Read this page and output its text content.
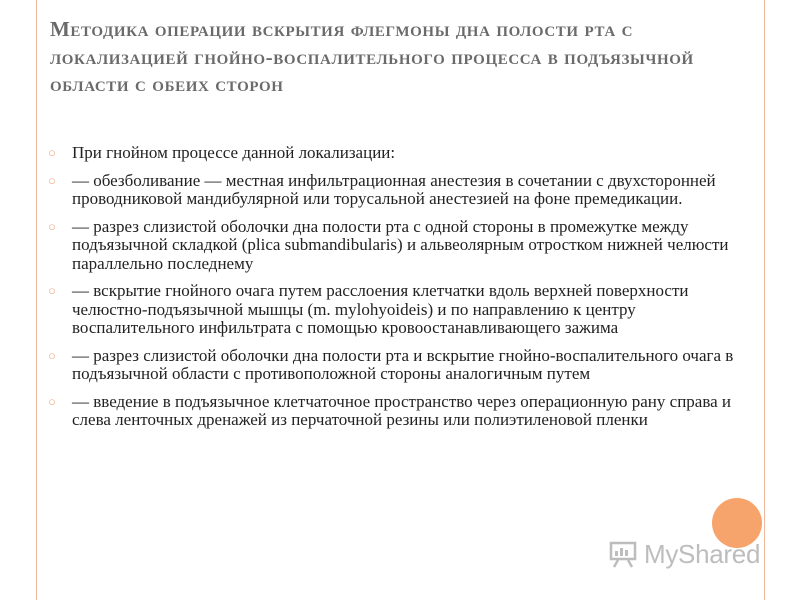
Методика операции вскрытия флегмоны дна полости рта с локализацией гнойно-воспалительного процесса в подъязычной области с обеих сторон
○ При гнойном процессе данной локализации:
○ — обезболивание — местная инфильтрационная анестезия в сочетании с двухсторонней проводниковой мандибулярной или торусальной анестезией на фоне премедикации.
○ — разрез слизистой оболочки дна полости рта с одной стороны в промежутке между подъязычной складкой (plica submandibularis) и альвеолярным отростком нижней челюсти параллельно последнему
○ — вскрытие гнойного очага путем расслоения клетчатки вдоль верхней поверхности челюстно-подъязычной мышцы (m. mylohyoideis) и по направлению к центру воспалительного инфильтрата с помощью кровоостанавливающего зажима
○ — разрез слизистой оболочки дна полости рта и вскрытие гнойно-воспалительного очага в подъязычной области с противоположной стороны аналогичным путем
○ — введение в подъязычное клетчаточное пространство через операционную рану справа и слева ленточных дренажей из перчаточной резины или полиэтиленовой пленки
MyShared
